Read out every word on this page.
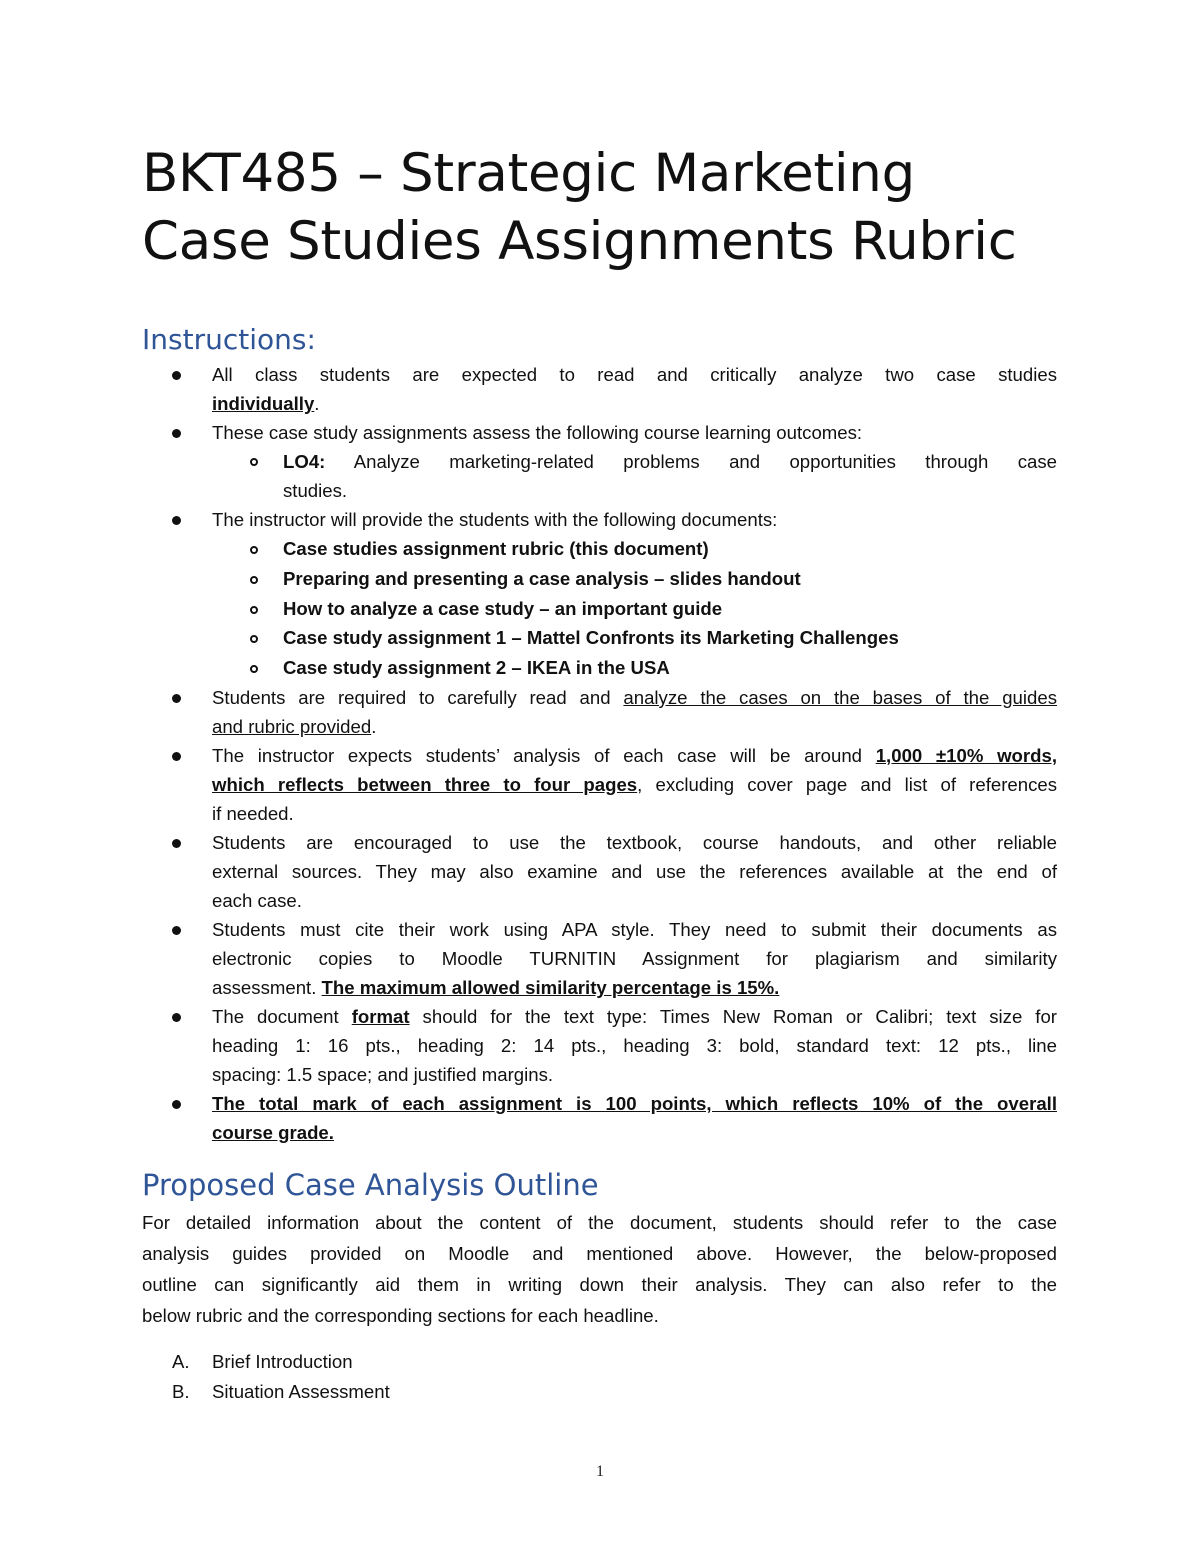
BKT485 – Strategic Marketing
Case Studies Assignments Rubric
Instructions:
All class students are expected to read and critically analyze two case studies
individually.
These case study assignments assess the following course learning outcomes:
LO4: Analyze marketing-related problems and opportunities through case
studies.
The instructor will provide the students with the following documents:
Case studies assignment rubric (this document)
Preparing and presenting a case analysis – slides handout
How to analyze a case study – an important guide
Case study assignment 1 – Mattel Confronts its Marketing Challenges
Case study assignment 2 – IKEA in the USA
Students are required to carefully read and analyze the cases on the bases of the guides
and rubric provided.
The instructor expects students’ analysis of each case will be around 1,000 ±10% words,
which reflects between three to four pages, excluding cover page and list of references
if needed.
Students are encouraged to use the textbook, course handouts, and other reliable
external sources. They may also examine and use the references available at the end of
each case.
Students must cite their work using APA style. They need to submit their documents as
electronic copies to Moodle TURNITIN Assignment for plagiarism and similarity
assessment. The maximum allowed similarity percentage is 15%.
The document format should for the text type: Times New Roman or Calibri; text size for
heading 1: 16 pts., heading 2: 14 pts., heading 3: bold, standard text: 12 pts., line
spacing: 1.5 space; and justified margins.
The total mark of each assignment is 100 points, which reflects 10% of the overall
course grade.
Proposed Case Analysis Outline
For detailed information about the content of the document, students should refer to the case
analysis guides provided on Moodle and mentioned above. However, the below-proposed
outline can significantly aid them in writing down their analysis. They can also refer to the
below rubric and the corresponding sections for each headline.
A. Brief Introduction
B. Situation Assessment
1
